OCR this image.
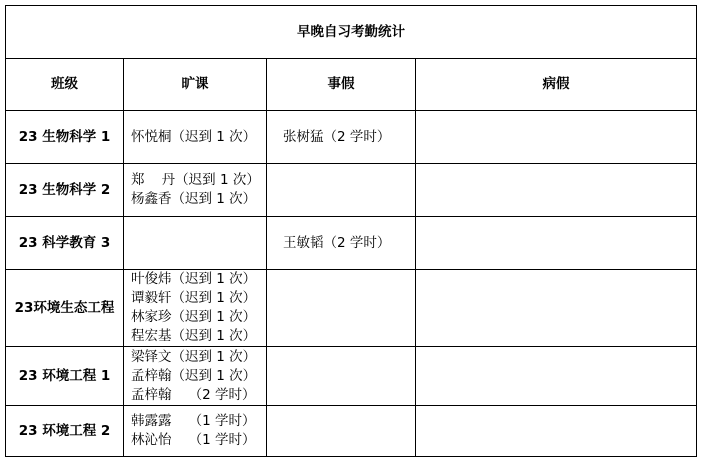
早晚自习考勤统计			
班级	旷课	事假	病假
23 生物科学 1	怀悦桐（迟到 1 次）	张树猛（2 学时）	
23 生物科学 2	郑    丹（迟到 1 次）
杨鑫香（迟到 1 次）		

23 科学教育 3		王敏韬（2 学时）	
23环境生态工程	叶俊炜（迟到 1 次）
谭毅轩（迟到 1 次）
林家珍（迟到 1 次）
程宏基（迟到 1 次）		

23 环境工程 1	梁铎文（迟到 1 次）
孟梓翰（迟到 1 次）
孟梓翰    （2 学时）		

23 环境工程 2	韩露露    （1 学时）
林沁怡    （1 学时）		
